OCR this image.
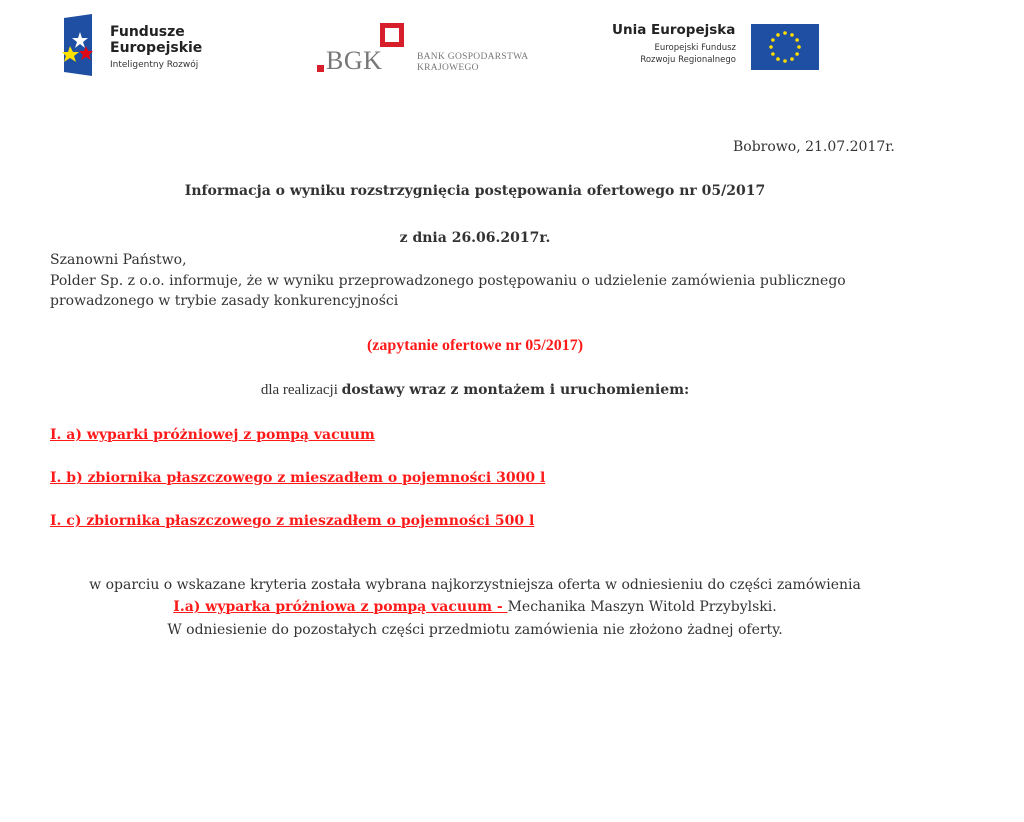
Fundusze
Europejskie
Inteligentny Rozwój	BGK	BANK GOSPODARSTWA
KRAJOWEGO
Unia Europejska
Europejski Fundusz
Rozwoju Regionalnego
Bobrowo, 21.07.2017r.
Informacja o wyniku rozstrzygnięcia postępowania ofertowego nr 05/2017
z dnia 26.06.2017r.
Szanowni Państwo,
Polder Sp. z o.o. informuje, że w wyniku przeprowadzonego postępowaniu o udzielenie zamówienia publicznego
prowadzonego w trybie zasady konkurencyjności
(zapytanie ofertowe nr 05/2017)
dla realizacji dostawy wraz z montażem i uruchomieniem:
I. a) wyparki próżniowej z pompą vacuum
I. b) zbiornika płaszczowego z mieszadłem o pojemności 3000 l
I. c) zbiornika płaszczowego z mieszadłem o pojemności 500 l
w oparciu o wskazane kryteria została wybrana najkorzystniejsza oferta w odniesieniu do części zamówienia
I.a) wyparka próżniowa z pompą vacuum - Mechanika Maszyn Witold Przybylski.
W odniesienie do pozostałych części przedmiotu zamówienia nie złożono żadnej oferty.
